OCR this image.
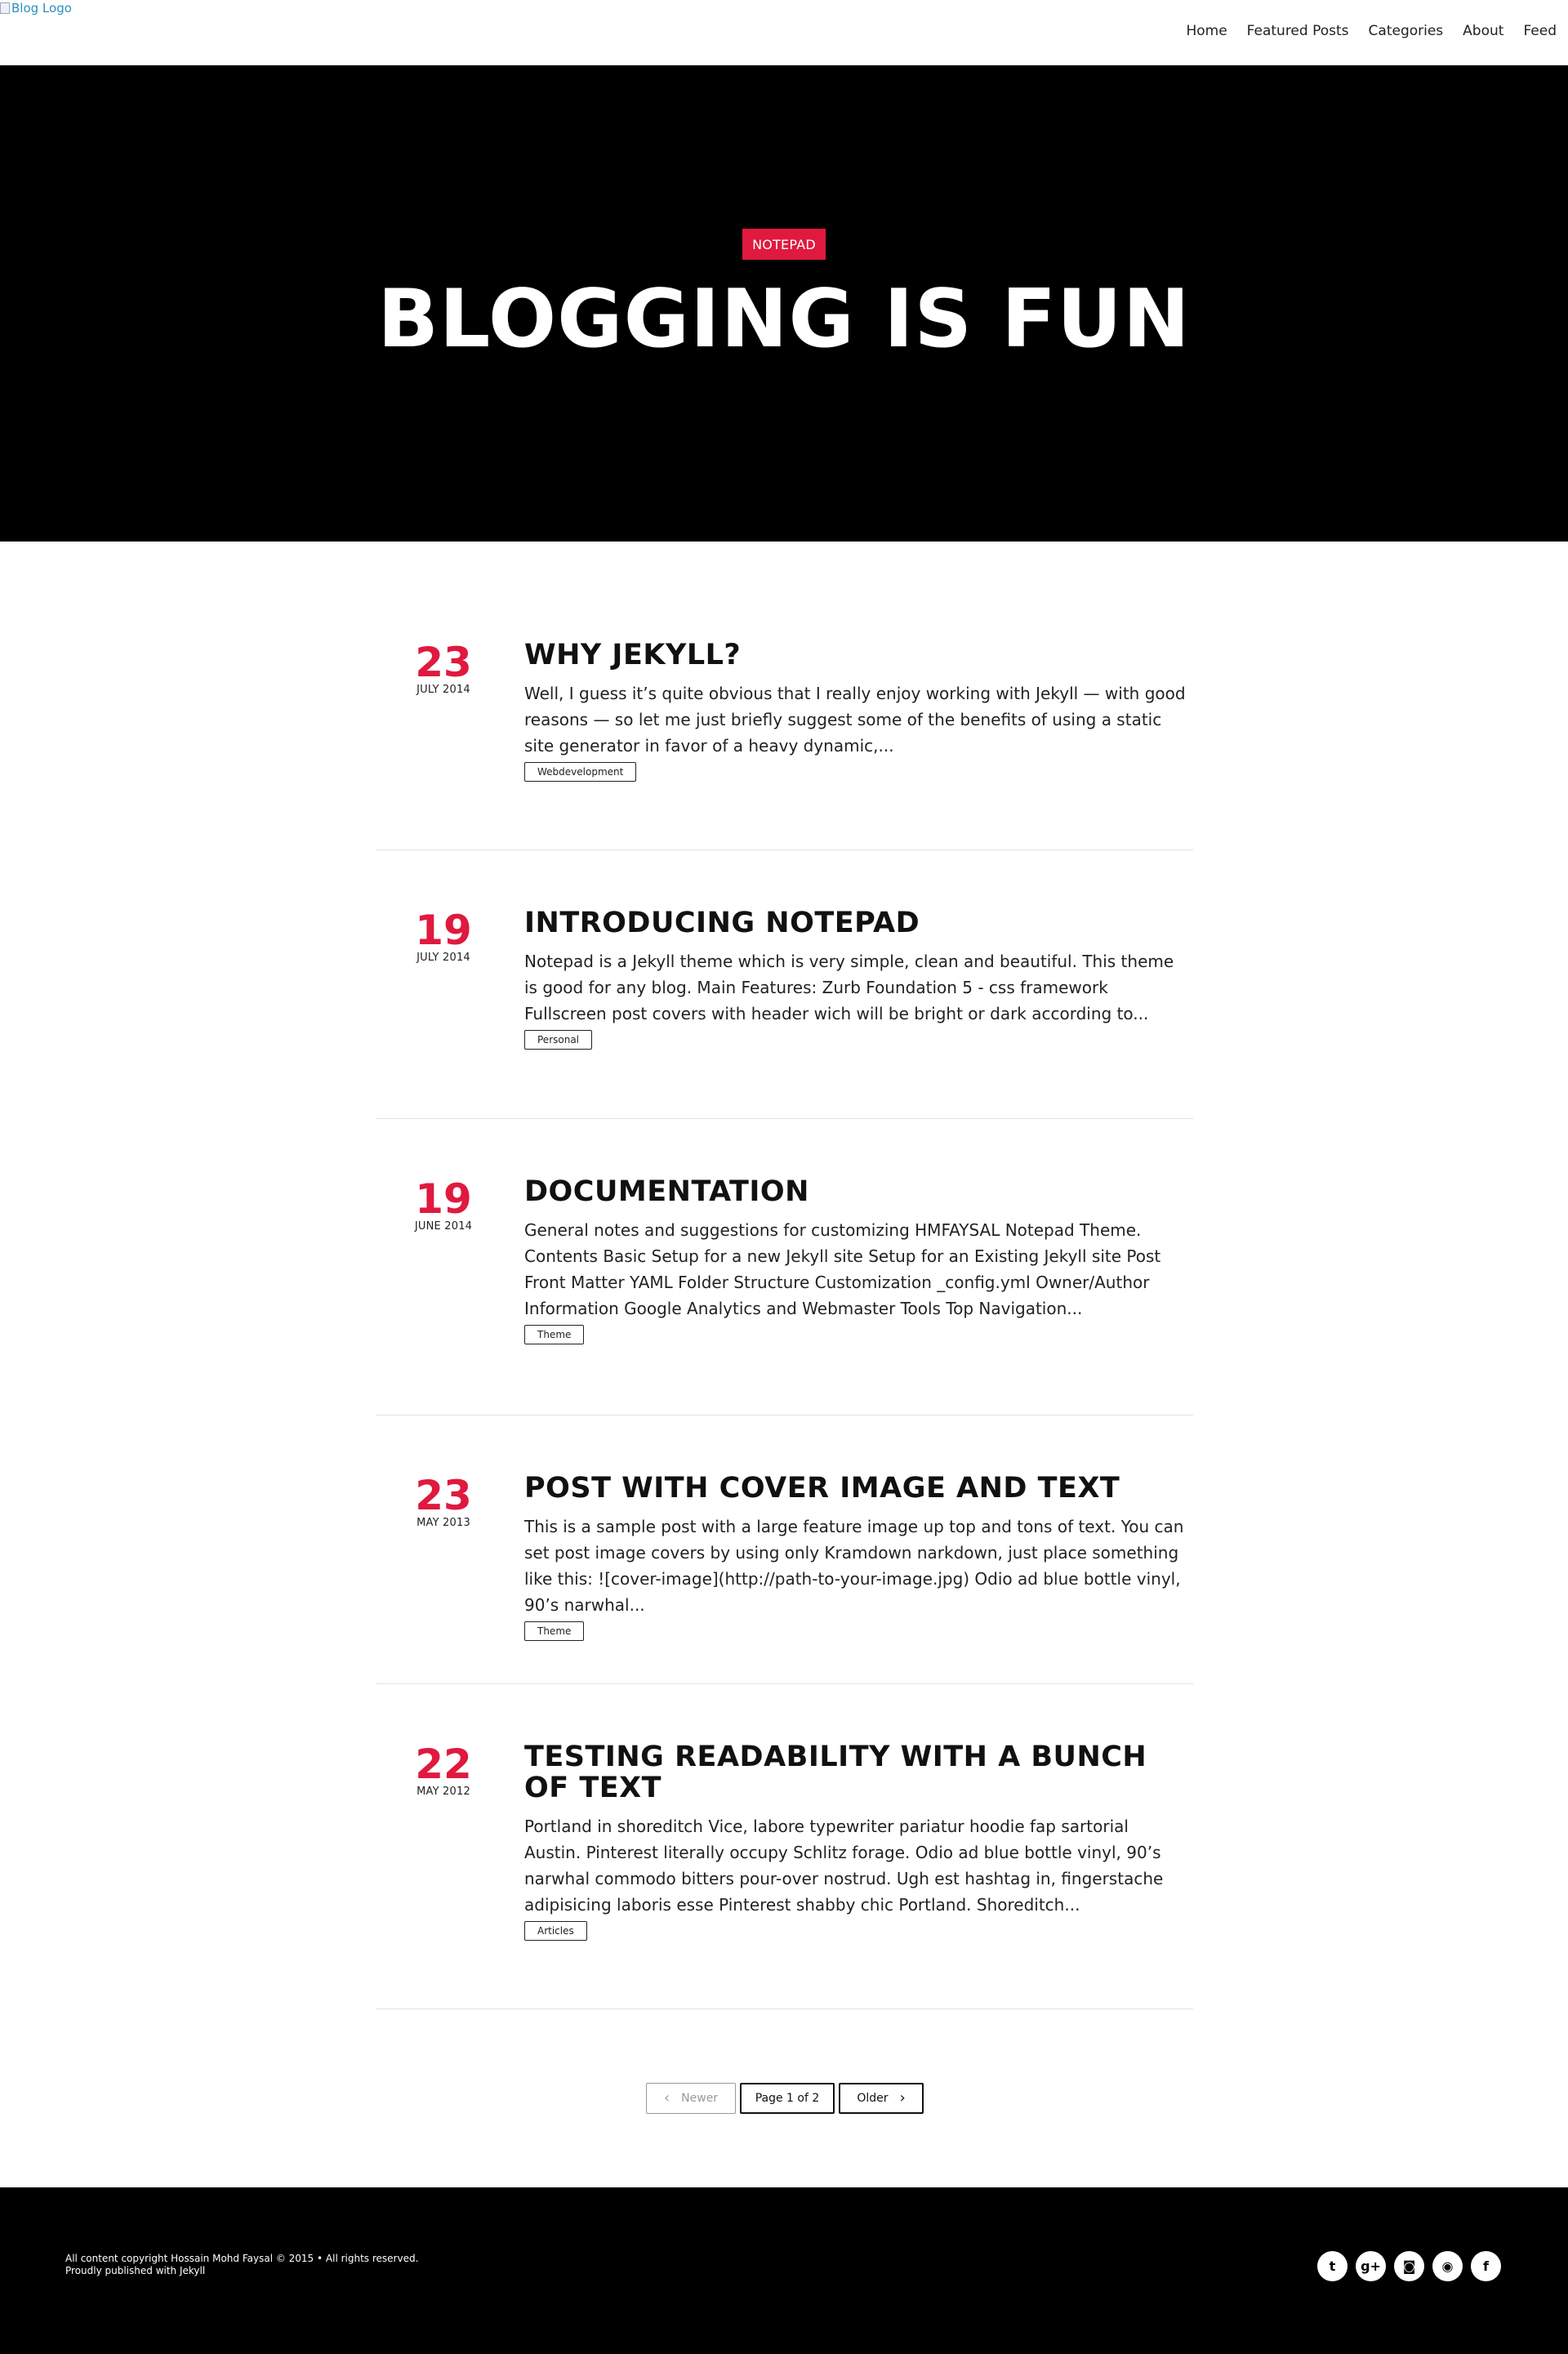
Blog Logo
Home Featured Posts Categories About Feed
NOTEPAD
BLOGGING IS FUN
23
JULY 2014
WHY JEKYLL?

Well, I guess it’s quite obvious that I really enjoy working with Jekyll — with good reasons — so let me just briefly suggest some of the benefits of using a static site generator in favor of a heavy dynamic,...

Webdevelopment
19
JULY 2014
INTRODUCING NOTEPAD

Notepad is a Jekyll theme which is very simple, clean and beautiful. This theme is good for any blog. Main Features: Zurb Foundation 5 - css framework Fullscreen post covers with header wich will be bright or dark according to...

Personal
19
JUNE 2014
DOCUMENTATION

General notes and suggestions for customizing HMFAYSAL Notepad Theme. Contents Basic Setup for a new Jekyll site Setup for an Existing Jekyll site Post Front Matter YAML Folder Structure Customization _config.yml Owner/Author Information Google Analytics and Webmaster Tools Top Navigation...

Theme
23
MAY 2013
POST WITH COVER IMAGE AND TEXT

This is a sample post with a large feature image up top and tons of text. You can set post image covers by using only Kramdown narkdown, just place something like this: ![cover-image](http://path-to-your-image.jpg) Odio ad blue bottle vinyl, 90’s narwhal...

Theme
22
MAY 2012
TESTING READABILITY WITH A BUNCH OF TEXT

Portland in shoreditch Vice, labore typewriter pariatur hoodie fap sartorial Austin. Pinterest literally occupy Schlitz forage. Odio ad blue bottle vinyl, 90’s narwhal commodo bitters pour-over nostrud. Ugh est hashtag in, fingerstache adipisicing laboris esse Pinterest shabby chic Portland. Shoreditch...

Articles
‹ Newer	Page 1 of 2	Older ›
All content copyright Hossain Mohd Faysal © 2015 • All rights reserved.
Proudly published with Jekyll	t	g+	◙	◉	f
